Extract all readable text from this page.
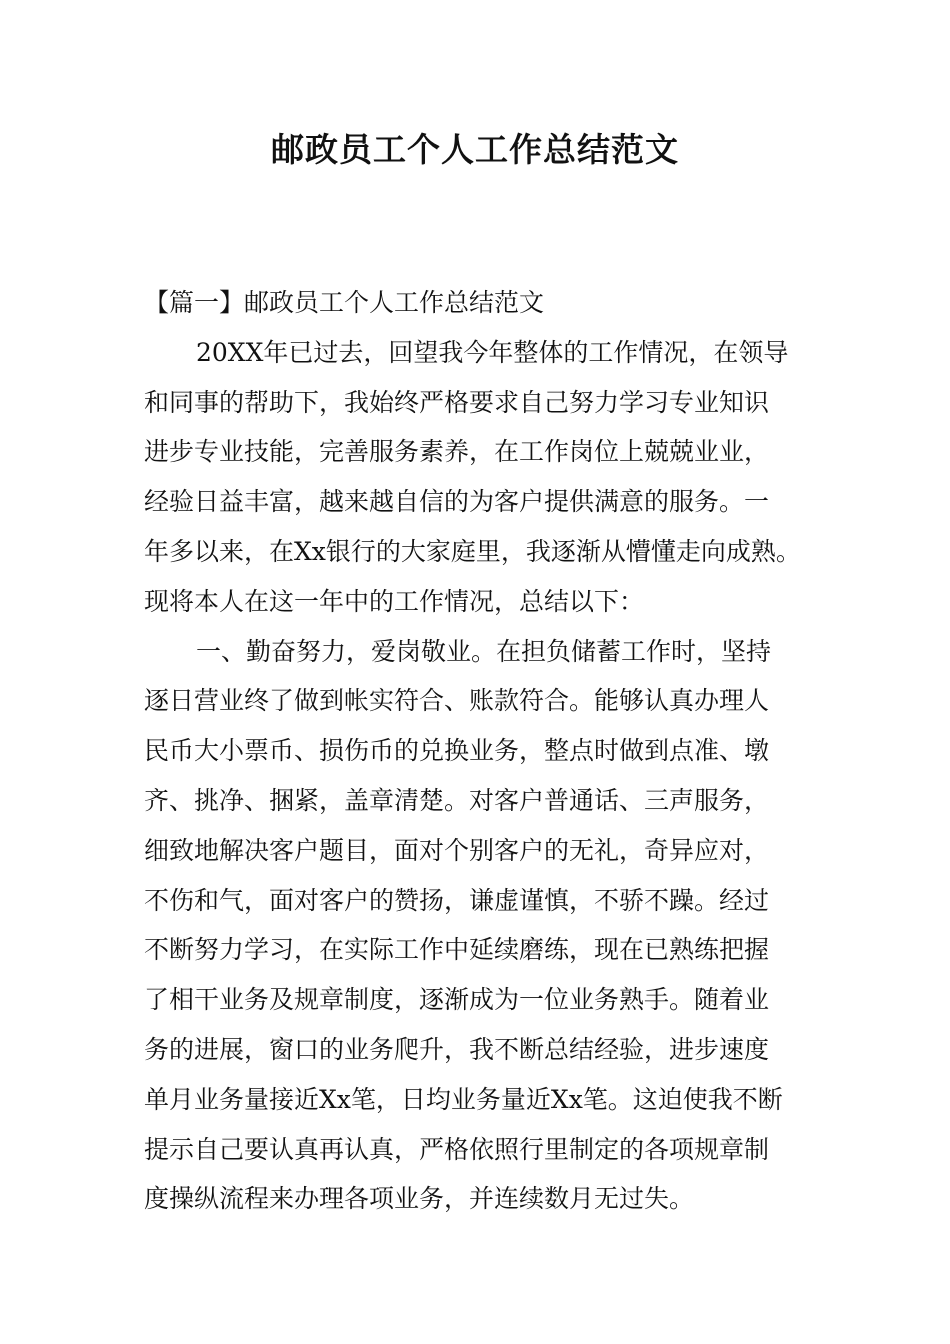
邮政员工个人工作总结范文
【篇一】邮政员工个人工作总结范文
20XX年已过去，回望我今年整体的工作情况，在领导
和同事的帮助下，我始终严格要求自己努力学习专业知识
进步专业技能，完善服务素养，在工作岗位上兢兢业业，
经验日益丰富，越来越自信的为客户提供满意的服务。一
年多以来，在Xx银行的大家庭里，我逐渐从懵懂走向成熟。
现将本人在这一年中的工作情况，总结以下：
一、勤奋努力，爱岗敬业。在担负储蓄工作时，坚持
逐日营业终了做到帐实符合、账款符合。能够认真办理人
民币大小票币、损伤币的兑换业务，整点时做到点准、墩
齐、挑净、捆紧，盖章清楚。对客户普通话、三声服务，
细致地解决客户题目，面对个别客户的无礼，奇异应对，
不伤和气，面对客户的赞扬，谦虚谨慎，不骄不躁。经过
不断努力学习，在实际工作中延续磨练，现在已熟练把握
了相干业务及规章制度，逐渐成为一位业务熟手。随着业
务的进展，窗口的业务爬升，我不断总结经验，进步速度
单月业务量接近Xx笔，日均业务量近Xx笔。这迫使我不断
提示自己要认真再认真，严格依照行里制定的各项规章制
度操纵流程来办理各项业务，并连续数月无过失。
